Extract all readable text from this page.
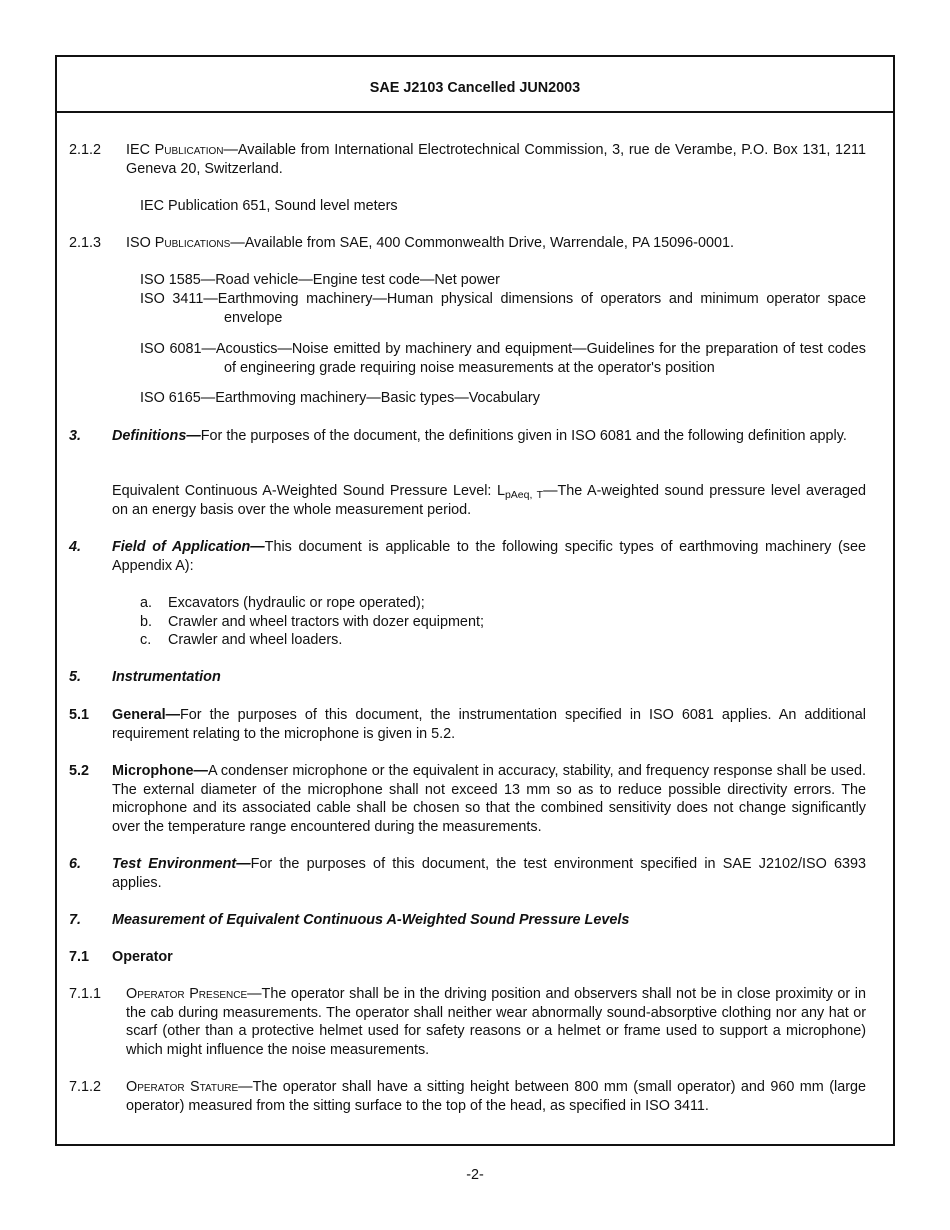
SAE J2103 Cancelled JUN2003
2.1.2 IEC Publication—Available from International Electrotechnical Commission, 3, rue de Verambe, P.O. Box 131, 1211 Geneva 20, Switzerland.

IEC Publication 651, Sound level meters

2.1.3 ISO Publications—Available from SAE, 400 Commonwealth Drive, Warrendale, PA 15096-0001.

ISO 1585—Road vehicle—Engine test code—Net power

ISO 3411—Earthmoving machinery—Human physical dimensions of operators and minimum operator space envelope

ISO 6081—Acoustics—Noise emitted by machinery and equipment—Guidelines for the preparation of test codes of engineering grade requiring noise measurements at the operator's position

ISO 6165—Earthmoving machinery—Basic types—Vocabulary

3. Definitions—For the purposes of the document, the definitions given in ISO 6081 and the following definition apply.

Equivalent Continuous A-Weighted Sound Pressure Level: $L_{pAeq, T}—The$ A-weighted sound pressure level averaged on an energy basis over the whole measurement period.

4. Field of Application—This document is applicable to the following specific types of earthmoving machinery (see Appendix A):

a. Excavators (hydraulic or rope operated);
b. Crawler and wheel tractors with dozer equipment;
c. Crawler and wheel loaders.
5. Instrumentation
5.1 General—For the purposes of this document, the instrumentation specified in ISO 6081 applies. An additional requirement relating to the microphone is given in 5.2.

5.2 Microphone—A condenser microphone or the equivalent in accuracy, stability, and frequency response shall be used. The external diameter of the microphone shall not exceed 13 mm so as to reduce possible directivity errors. The microphone and its associated cable shall be chosen so that the combined sensitivity does not change significantly over the temperature range encountered during the measurements.

6. Test Environment—For the purposes of this document, the test environment specified in SAE J2102/ISO 6393 applies.

7. Measurement of Equivalent Continuous A-Weighted Sound Pressure Levels
7.1 Operator
7.1.1 Operator Presence—The operator shall be in the driving position and observers shall not be in close proximity or in the cab during measurements. The operator shall neither wear abnormally sound-absorptive clothing nor any hat or scarf (other than a protective helmet used for safety reasons or a helmet or frame used to support a microphone) which might influence the noise measurements.

7.1.2 Operator Stature—The operator shall have a sitting height between 800 mm (small operator) and 960 mm (large operator) measured from the sitting surface to the top of the head, as specified in ISO 3411.

-2-
